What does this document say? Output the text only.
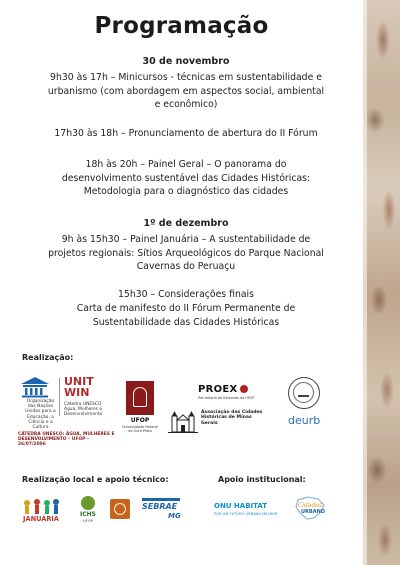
Programação
30 de novembro
9h30 às 17h – Minicursos - técnicas em sustentabilidade e urbanismo (com abordagem em aspectos social, ambiental e econômico)
17h30 às 18h – Pronunciamento de abertura do II Fórum
18h às 20h – Painel Geral – O panorama do desenvolvimento sustentável das Cidades Históricas: Metodologia para o diagnóstico das cidades
1º de dezembro
9h às 15h30 – Painel Januária – A sustentabilidade de projetos regionais: Sítios Arqueológicos do Parque Nacional Cavernas do Peruaçu
15h30 – Considerações finais
Carta de manifesto do II Fórum Permanente de Sustentabilidade das Cidades Históricas
Realização:
Organização das Nações Unidas para a Educação, a Ciência e a Cultura
UNITWIN
Cátedra UNESCO Água, Mulheres e Desenvolvimento
CÁTEDRA UNESCO: ÁGUA, MULHERES E DESENVOLVIMENTO – UFOP – 26/07/2006
UFOP
Universidade Federal de Ouro Preto
PROEX
Pró-reitoria de Extensão da UFOP
Associação das Cidades Históricas de Minas Gerais	deurb
Realização local e apoio técnico:	Apoio institucional:
JANUÁRIA
ICHS
UFOP
SEBRAE
MG
ONU HABITAT
POR UM FUTURO URBANO MELHOR
Cidades
URBANO
